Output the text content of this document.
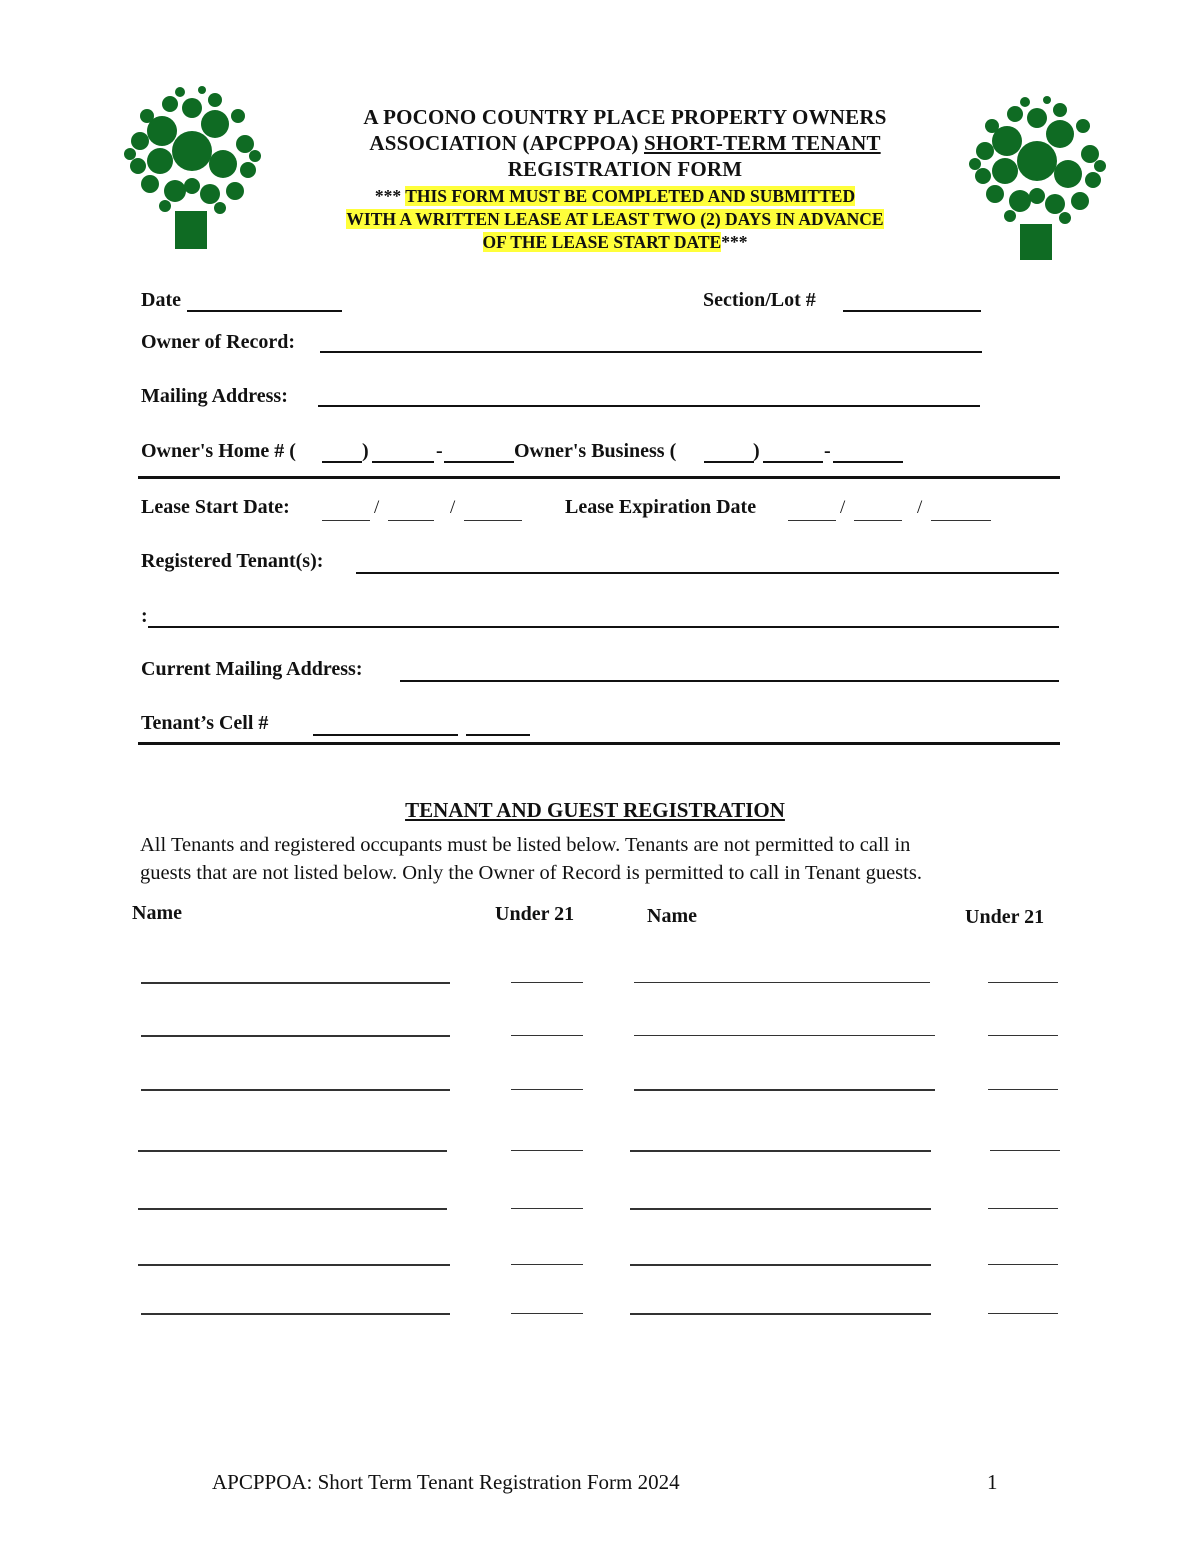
A POCONO COUNTRY PLACE PROPERTY OWNERS
ASSOCIATION (APCPPOA) SHORT-TERM TENANT
REGISTRATION FORM
*** THIS FORM MUST BE COMPLETED AND SUBMITTED
WITH A WRITTEN LEASE AT LEAST TWO (2) DAYS IN ADVANCE
OF THE LEASE START DATE***
Date	Section/Lot #
Owner of Record:
Mailing Address:
Owner's Home # (	)	-	Owner's Business (	)	-
Lease Start Date:	/	/	Lease Expiration Date	/	/
Registered Tenant(s):
:
Current Mailing Address:
Tenant’s Cell #
TENANT AND GUEST REGISTRATION
All Tenants and registered occupants must be listed below. Tenants are not permitted to call in
guests that are not listed below. Only the Owner of Record is permitted to call in Tenant guests.
Name	Under 21	Name	Under 21
APCPPOA: Short Term Tenant Registration Form 2024	1
